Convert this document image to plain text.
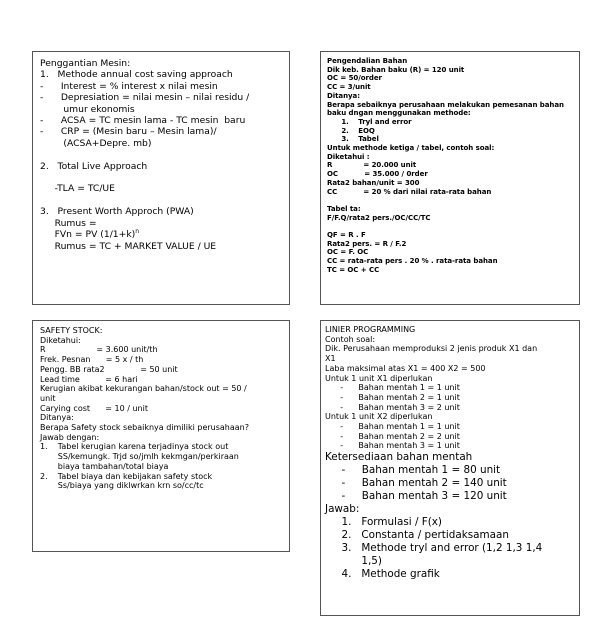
Penggantian Mesin:
1.   Methode annual cost saving approach
-      Interest = % interest x nilai mesin
-      Depresiation = nilai mesin – nilai residu /
umur ekonomis
-      ACSA = TC mesin lama - TC mesin  baru
-      CRP = (Mesin baru – Mesin lama)/
(ACSA+Depre. mb)

2.   Total Live Approach

-TLA = TC/UE

3.   Present Worth Approch (PWA)
Rumus =
FVn = PV $(1/1+k)^n$
Rumus = TC + MARKET VALUE / UE
Pengendalian Bahan
Dik keb. Bahan baku (R) = 120 unit
OC = 50/order
CC = 3/unit
Ditanya:
Berapa sebaiknya perusahaan melakukan pemesanan bahan
baku dngan menggunakan methode:
1.    Tryl and error
2.    EOQ
3.    Tabel
Untuk methode ketiga / tabel, contoh soal:
Diketahui :
R             = 20.000 unit
OC           = 35.000 / 0rder
Rata2 bahan/unit = 300
CC           = 20 % dari nilai rata-rata bahan

Tabel ta:
F/F.Q/rata2 pers./OC/CC/TC

QF = R . F
Rata2 pers. = R / F.2
OC = F. OC
CC = rata-rata pers . 20 % . rata-rata bahan
TC = OC + CC
SAFETY STOCK:
Diketahui:
R                    = 3.600 unit/th
Frek. Pesnan      = 5 x / th
Pengg. BB rata2              = 50 unit
Lead time          = 6 hari
Kerugian akibat kekurangan bahan/stock out = 50 /
unit
Carying cost      = 10 / unit
Ditanya:
Berapa Safety stock sebaiknya dimiliki perusahaan?
Jawab dengan:
1.    Tabel kerugian karena terjadinya stock out
SS/kemungk. Trjd so/jmlh kekmgan/perkiraan
biaya tambahan/total biaya
2.    Tabel biaya dan kebijakan safety stock
Ss/biaya yang diklwrkan krn so/cc/tc
LINIER PROGRAMMING
Contoh soal:
Dik. Perusahaan memproduksi 2 jenis produk X1 dan
X1
Laba maksimal atas X1 = 400 X2 = 500
Untuk 1 unit X1 diperlukan
-      Bahan mentah 1 = 1 unit
-      Bahan mentah 2 = 1 unit
-      Bahan mentah 3 = 2 unit
Untuk 1 unit X2 diperlukan
-      Bahan mentah 1 = 1 unit
-      Bahan mentah 2 = 2 unit
-      Bahan mentah 3 = 1 unit
Ketersediaan bahan mentah
-     Bahan mentah 1 = 80 unit
-     Bahan mentah 2 = 140 unit
-     Bahan mentah 3 = 120 unit
Jawab:
1.   Formulasi / F(x)
2.   Constanta / pertidaksamaan
3.   Methode tryl and error (1,2 1,3 1,4
1,5)
4.   Methode grafik
